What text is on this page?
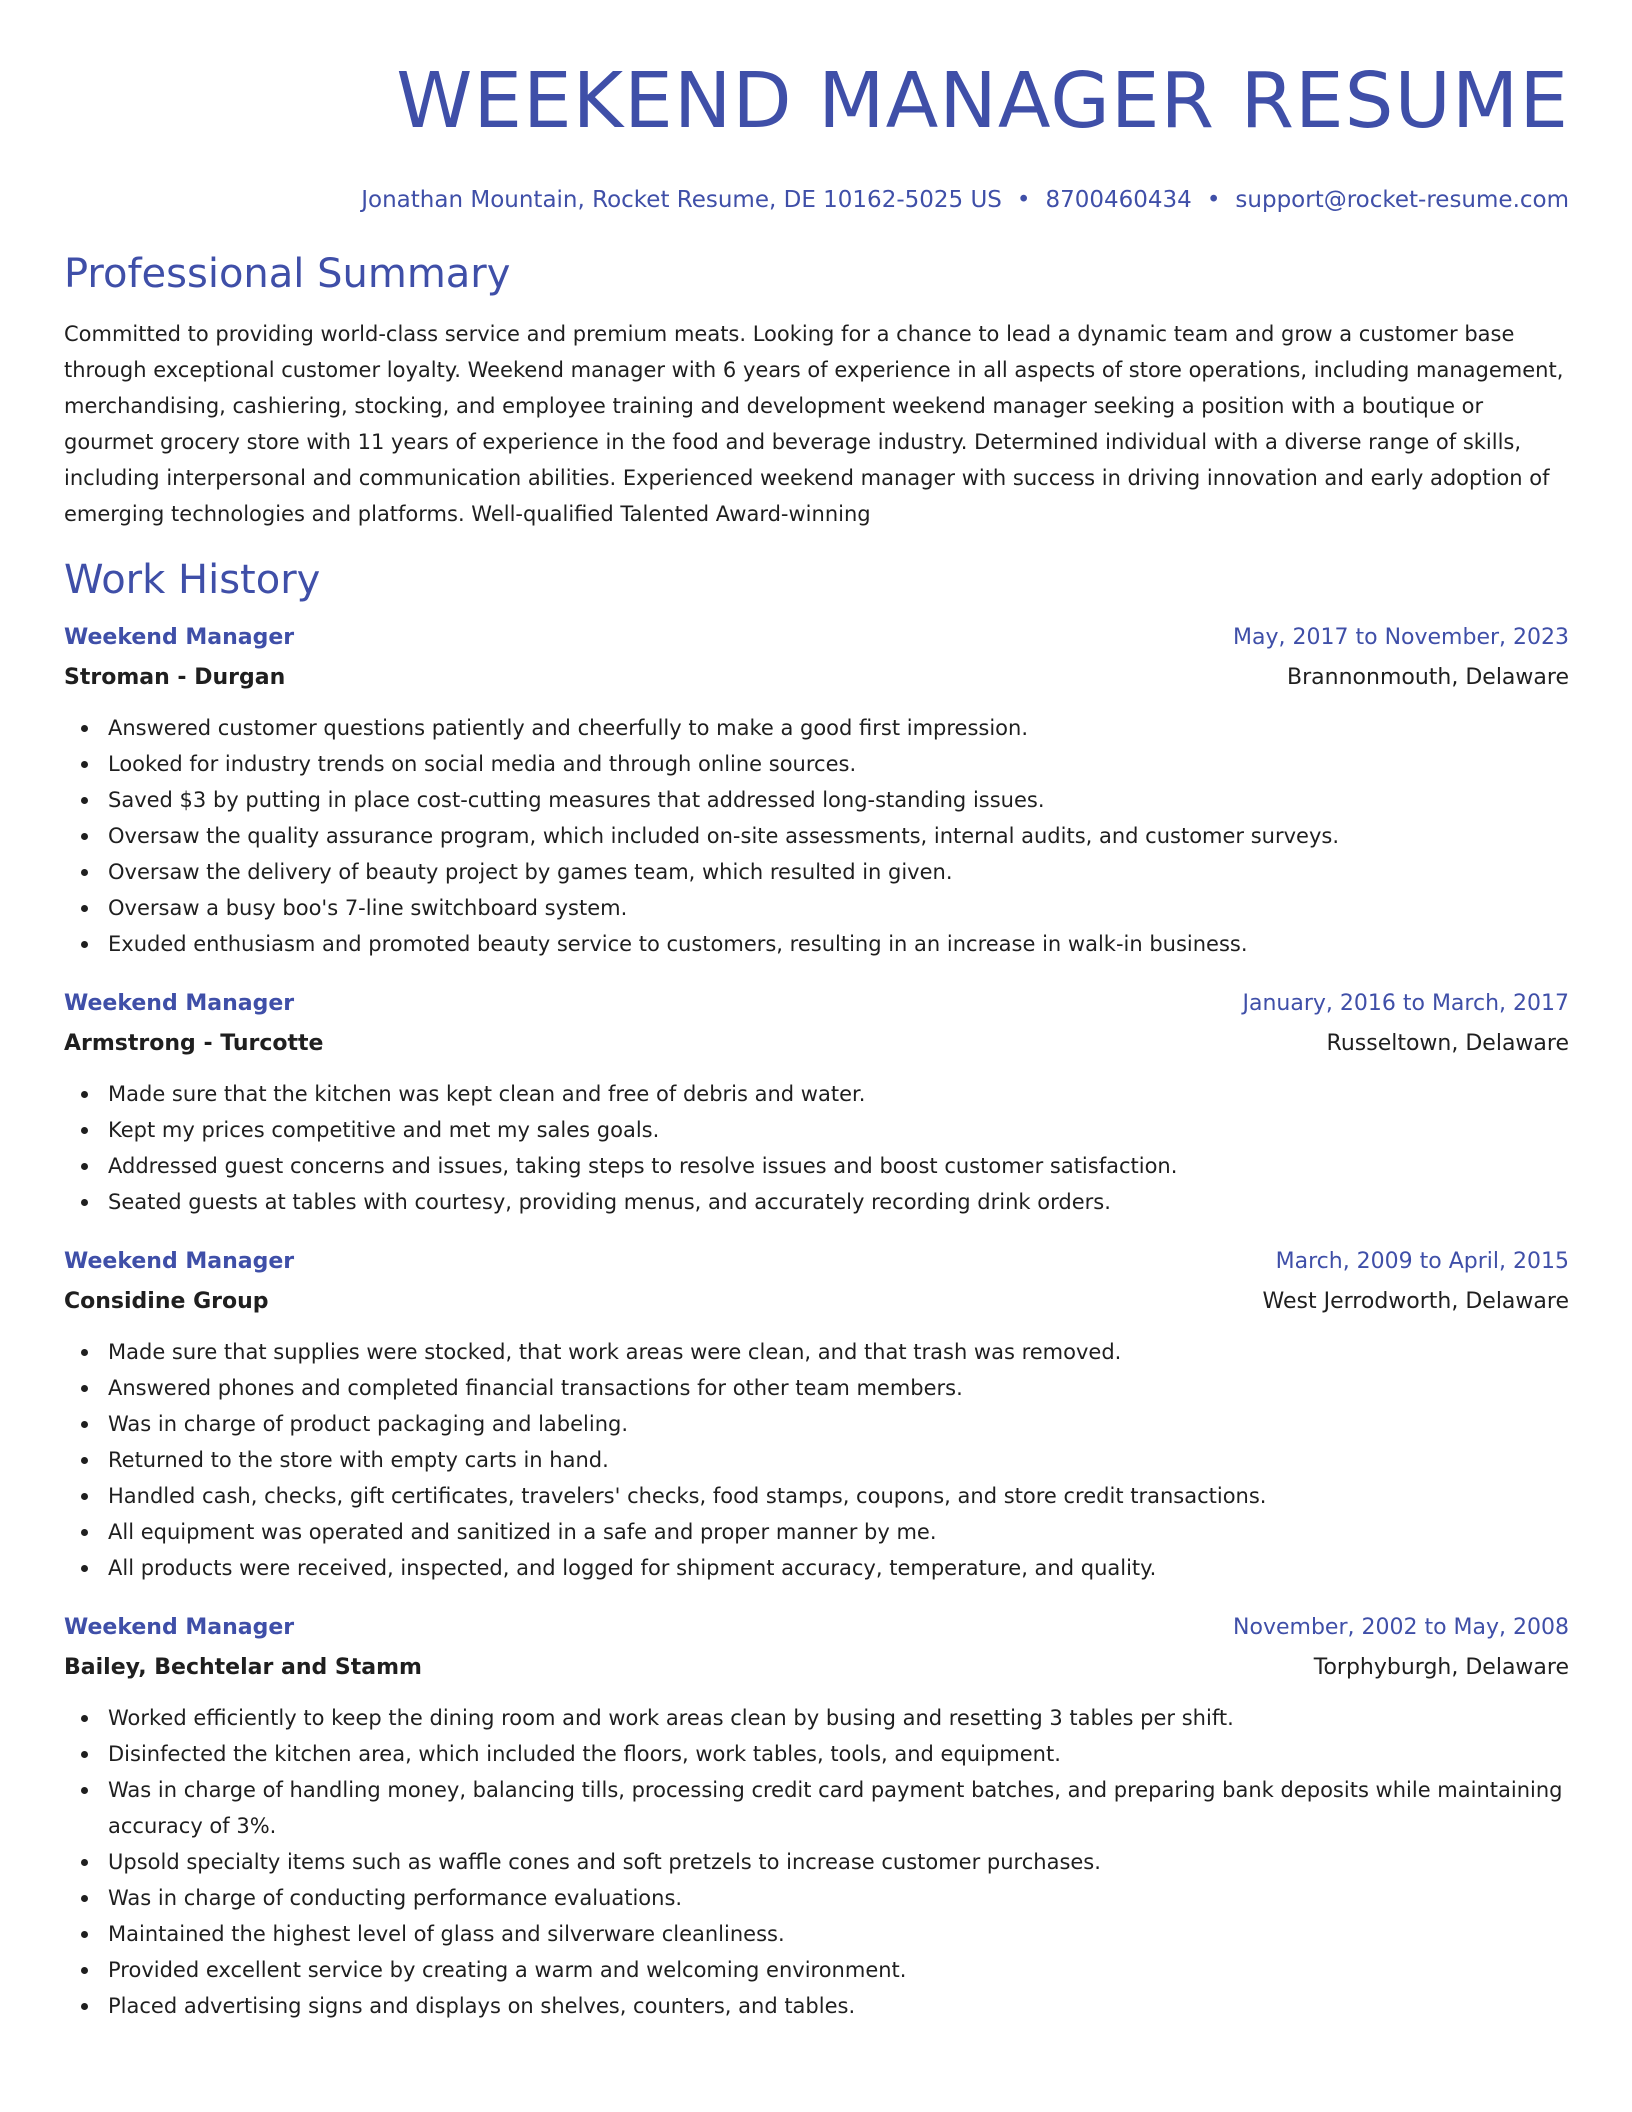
WEEKEND MANAGER RESUME
Jonathan Mountain, Rocket Resume, DE 10162-5025 US • 8700460434 • support@rocket-resume.com
Professional Summary

Committed to providing world-class service and premium meats. Looking for a chance to lead a dynamic team and grow a customer base through exceptional customer loyalty. Weekend manager with 6 years of experience in all aspects of store operations, including management, merchandising, cashiering, stocking, and employee training and development weekend manager seeking a position with a boutique or gourmet grocery store with 11 years of experience in the food and beverage industry. Determined individual with a diverse range of skills, including interpersonal and communication abilities. Experienced weekend manager with success in driving innovation and early adoption of emerging technologies and platforms. Well-qualified Talented Award-winning

Work History
Weekend Manager	May, 2017 to November, 2023
Stroman - Durgan	Brannonmouth, Delaware
Answered customer questions patiently and cheerfully to make a good first impression.
Looked for industry trends on social media and through online sources.
Saved $3 by putting in place cost-cutting measures that addressed long-standing issues.
Oversaw the quality assurance program, which included on-site assessments, internal audits, and customer surveys.
Oversaw the delivery of beauty project by games team, which resulted in given.
Oversaw a busy boo's 7-line switchboard system.
Exuded enthusiasm and promoted beauty service to customers, resulting in an increase in walk-in business.
Weekend Manager	January, 2016 to March, 2017
Armstrong - Turcotte	Russeltown, Delaware
Made sure that the kitchen was kept clean and free of debris and water.
Kept my prices competitive and met my sales goals.
Addressed guest concerns and issues, taking steps to resolve issues and boost customer satisfaction.
Seated guests at tables with courtesy, providing menus, and accurately recording drink orders.
Weekend Manager	March, 2009 to April, 2015
Considine Group	West Jerrodworth, Delaware
Made sure that supplies were stocked, that work areas were clean, and that trash was removed.
Answered phones and completed financial transactions for other team members.
Was in charge of product packaging and labeling.
Returned to the store with empty carts in hand.
Handled cash, checks, gift certificates, travelers' checks, food stamps, coupons, and store credit transactions.
All equipment was operated and sanitized in a safe and proper manner by me.
All products were received, inspected, and logged for shipment accuracy, temperature, and quality.
Weekend Manager	November, 2002 to May, 2008
Bailey, Bechtelar and Stamm	Torphyburgh, Delaware
Worked efficiently to keep the dining room and work areas clean by busing and resetting 3 tables per shift.
Disinfected the kitchen area, which included the floors, work tables, tools, and equipment.
Was in charge of handling money, balancing tills, processing credit card payment batches, and preparing bank deposits while maintaining accuracy of 3%.
Upsold specialty items such as waffle cones and soft pretzels to increase customer purchases.
Was in charge of conducting performance evaluations.
Maintained the highest level of glass and silverware cleanliness.
Provided excellent service by creating a warm and welcoming environment.
Placed advertising signs and displays on shelves, counters, and tables.
